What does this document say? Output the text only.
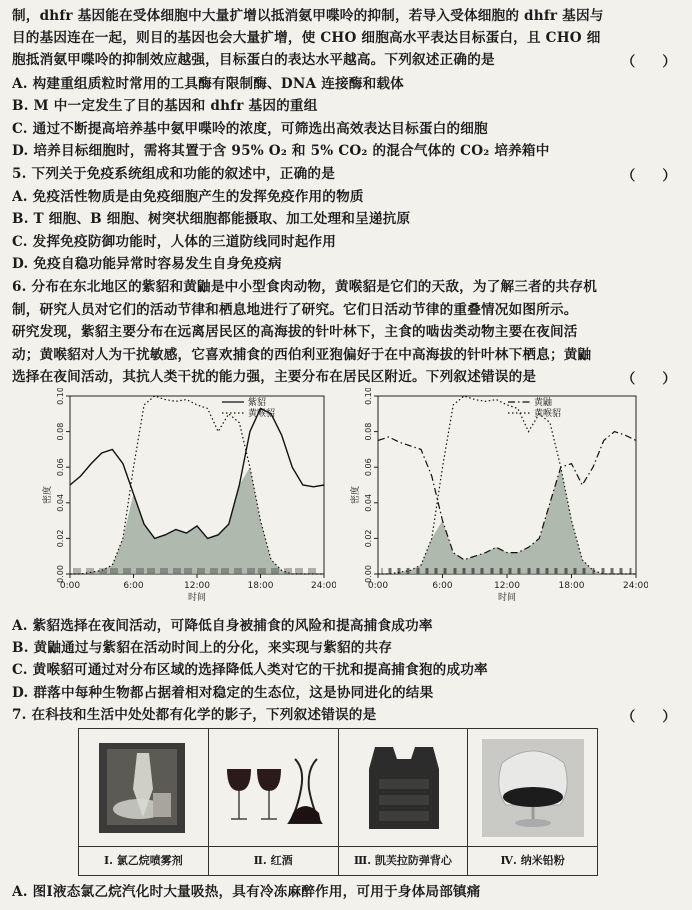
制，dhfr 基因能在受体细胞中大量扩增以抵消氨甲喋呤的抑制，若导入受体细胞的 dhfr 基因与
目的基因连在一起，则目的基因也会大量扩增，使 CHO 细胞高水平表达目标蛋白，且 CHO 细
胞抵消氨甲喋呤的抑制效应越强，目标蛋白的表达水平越高。下列叙述正确的是	（　　）
A. 构建重组质粒时常用的工具酶有限制酶、DNA 连接酶和载体
B. M 中一定发生了目的基因和 dhfr 基因的重组
C. 通过不断提高培养基中氨甲喋呤的浓度，可筛选出高效表达目标蛋白的细胞
D. 培养目标细胞时，需将其置于含 95% O₂ 和 5% CO₂ 的混合气体的 CO₂ 培养箱中
5. 下列关于免疫系统组成和功能的叙述中，正确的是	（　　）
A. 免疫活性物质是由免疫细胞产生的发挥免疫作用的物质
B. T 细胞、B 细胞、树突状细胞都能摄取、加工处理和呈递抗原
C. 发挥免疫防御功能时，人体的三道防线同时起作用
D. 免疫自稳功能异常时容易发生自身免疫病
6. 分布在东北地区的紫貂和黄鼬是中小型食肉动物，黄喉貂是它们的天敌，为了解三者的共存机
制，研究人员对它们的活动节律和栖息地进行了研究。它们日活动节律的重叠情况如图所示。
研究发现，紫貂主要分布在远离居民区的高海拔的针叶林下，主食的啮齿类动物主要在夜间活
动；黄喉貂对人为干扰敏感，它喜欢捕食的西伯利亚狍偏好于在中高海拔的针叶林下栖息；黄鼬
选择在夜间活动，其抗人类干扰的能力强，主要分布在居民区附近。下列叙述错误的是	（　　）
0.00
0.02
0.04
0.06
0.08
0.10
0:00	6:00	12:00	18:00	24:00
时间
密度
紫貂
黄喉貂
0.00
0.02
0.04
0.06
0.08
0.10
0:00	6:00	12:00	18:00	24:00
时间
密度
黄鼬
黄喉貂
A. 紫貂选择在夜间活动，可降低自身被捕食的风险和提高捕食成功率
B. 黄鼬通过与紫貂在活动时间上的分化，来实现与紫貂的共存
C. 黄喉貂可通过对分布区域的选择降低人类对它的干扰和提高捕食狍的成功率
D. 群落中每种生物都占据着相对稳定的生态位，这是协同进化的结果
7. 在科技和生活中处处都有化学的影子，下列叙述错误的是	（　　）
Ⅰ. 氯乙烷喷雾剂	Ⅱ. 红酒	Ⅲ. 凯芙拉防弹背心	Ⅳ. 纳米铅粉
A. 图Ⅰ液态氯乙烷汽化时大量吸热，具有冷冻麻醉作用，可用于身体局部镇痛
